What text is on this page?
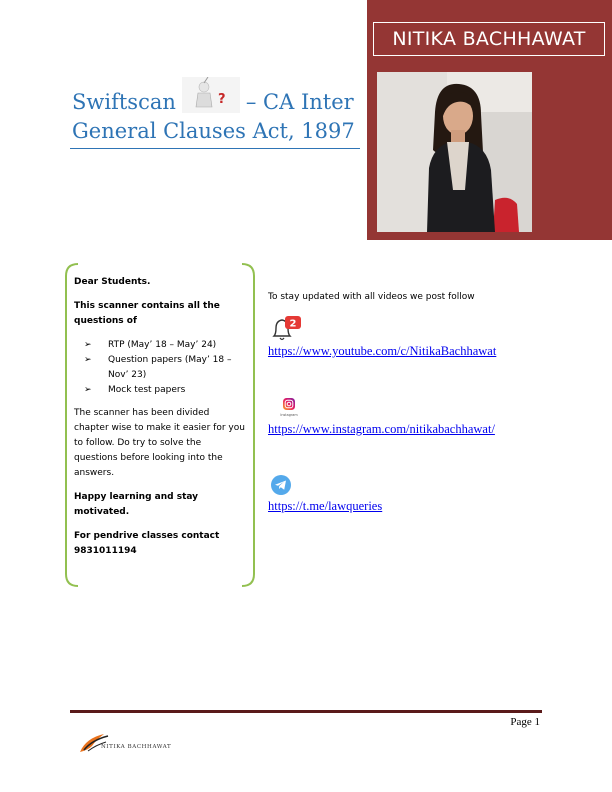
NITIKA BACHHAWAT
Swiftscan	? – CA Inter
General Clauses Act, 1897

Dear Students.

This scanner contains all the questions of

➢ RTP (May’ 18 – May’ 24)
➢ Question papers (May’ 18 – Nov’ 23)
➢ Mock test papers

The scanner has been divided chapter wise to make it easier for you to follow. Do try to solve the questions before looking into the answers.

Happy learning and stay motivated.

For pendrive classes contact
9831011194

To stay updated with all videos we post follow
2
https://www.youtube.com/c/NitikaBachhawat
Instagram
https://www.instagram.com/nitikabachhawat/
https://t.me/lawqueries
Page 1
NITIKA BACHHAWAT
